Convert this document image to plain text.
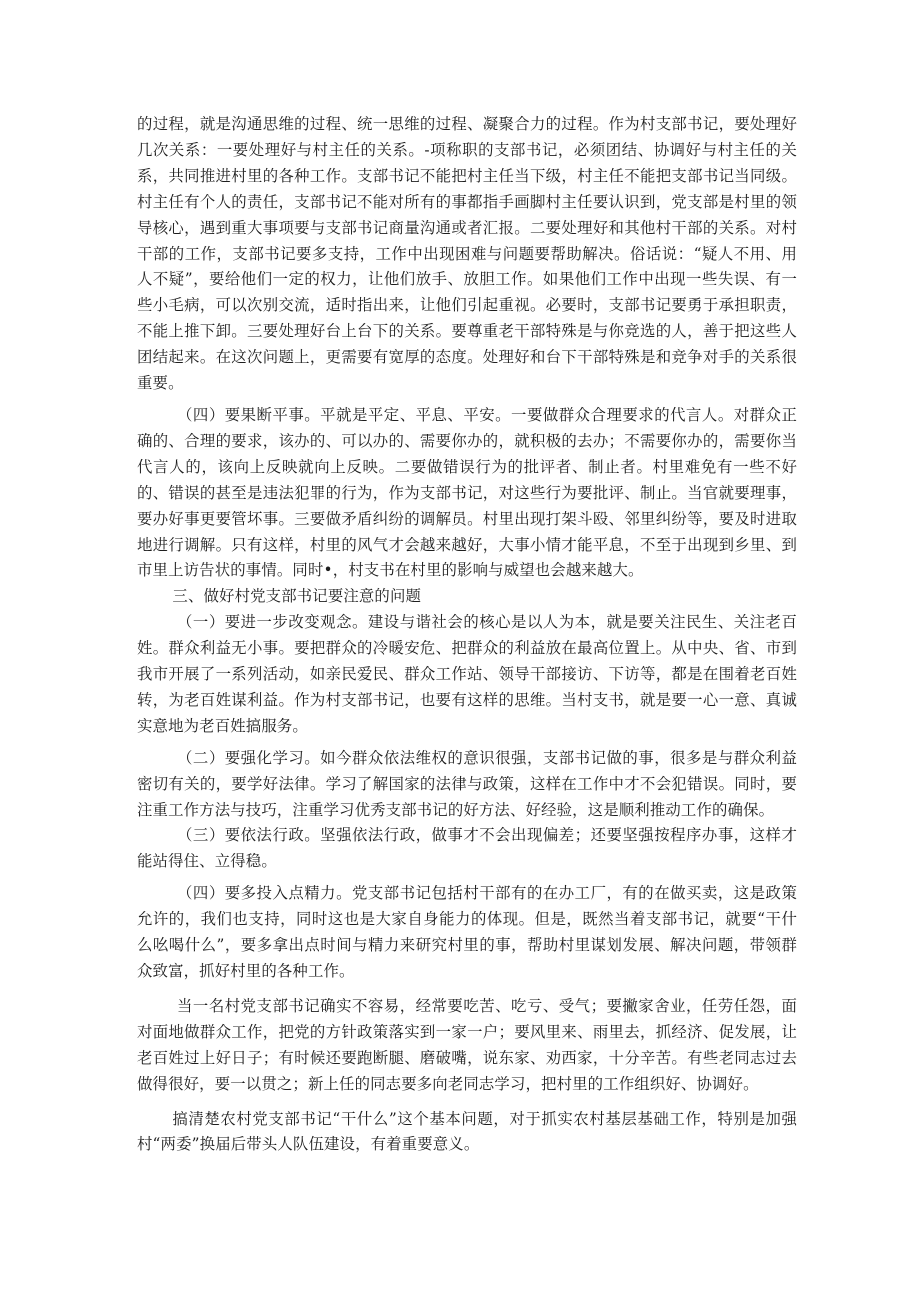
的过程，就是沟通思维的过程、统一思维的过程、凝聚合力的过程。作为村支部书记，要处理好几次关系：一要处理好与村主任的关系。-项称职的支部书记，必须团结、协调好与村主任的关系，共同推进村里的各种工作。支部书记不能把村主任当下级，村主任不能把支部书记当同级。村主任有个人的责任，支部书记不能对所有的事都指手画脚村主任要认识到，党支部是村里的领导核心，遇到重大事项要与支部书记商量沟通或者汇报。二要处理好和其他村干部的关系。对村干部的工作，支部书记要多支持，工作中出现困难与问题要帮助解决。俗话说：“疑人不用、用人不疑”，要给他们一定的权力，让他们放手、放胆工作。如果他们工作中出现一些失误、有一些小毛病，可以次别交流，适时指出来，让他们引起重视。必要时，支部书记要勇于承担职责，不能上推下卸。三要处理好台上台下的关系。要尊重老干部特殊是与你竞选的人，善于把这些人团结起来。在这次问题上，更需要有宽厚的态度。处理好和台下干部特殊是和竞争对手的关系很重要。

（四）要果断平事。平就是平定、平息、平安。一要做群众合理要求的代言人。对群众正确的、合理的要求，该办的、可以办的、需要你办的，就积极的去办；不需要你办的，需要你当代言人的，该向上反映就向上反映。二要做错误行为的批评者、制止者。村里难免有一些不好的、错误的甚至是违法犯罪的行为，作为支部书记，对这些行为要批评、制止。当官就要理事，要办好事更要管坏事。三要做矛盾纠纷的调解员。村里出现打架斗殴、邻里纠纷等，要及时进取地进行调解。只有这样，村里的风气才会越来越好，大事小情才能平息，不至于出现到乡里、到市里上访告状的事情。同时•，村支书在村里的影响与威望也会越来越大。

三、做好村党支部书记要注意的问题

（一）要进一步改变观念。建设与谐社会的核心是以人为本，就是要关注民生、关注老百姓。群众利益无小事。要把群众的冷暖安危、把群众的利益放在最高位置上。从中央、省、市到我市开展了一系列活动，如亲民爱民、群众工作站、领导干部接访、下访等，都是在围着老百姓转，为老百姓谋利益。作为村支部书记，也要有这样的思维。当村支书，就是要一心一意、真诚实意地为老百姓搞服务。

（二）要强化学习。如今群众依法维权的意识很强，支部书记做的事，很多是与群众利益密切有关的，要学好法律。学习了解国家的法律与政策，这样在工作中才不会犯错误。同时，要注重工作方法与技巧，注重学习优秀支部书记的好方法、好经验，这是顺利推动工作的确保。

（三）要依法行政。坚强依法行政，做事才不会出现偏差；还要坚强按程序办事，这样才能站得住、立得稳。

（四）要多投入点精力。党支部书记包括村干部有的在办工厂，有的在做买卖，这是政策允许的，我们也支持，同时这也是大家自身能力的体现。但是，既然当着支部书记，就要“干什么吆喝什么”，要多拿出点时间与精力来研究村里的事，帮助村里谋划发展、解决问题，带领群众致富，抓好村里的各种工作。

当一名村党支部书记确实不容易，经常要吃苦、吃亏、受气；要撇家舍业，任劳任怨，面对面地做群众工作，把党的方针政策落实到一家一户；要风里来、雨里去，抓经济、促发展，让老百姓过上好日子；有时候还要跑断腿、磨破嘴，说东家、劝西家，十分辛苦。有些老同志过去做得很好，要一以贯之；新上任的同志要多向老同志学习，把村里的工作组织好、协调好。

搞清楚农村党支部书记“干什么”这个基本问题，对于抓实农村基层基础工作，特别是加强村“两委”换届后带头人队伍建设，有着重要意义。
